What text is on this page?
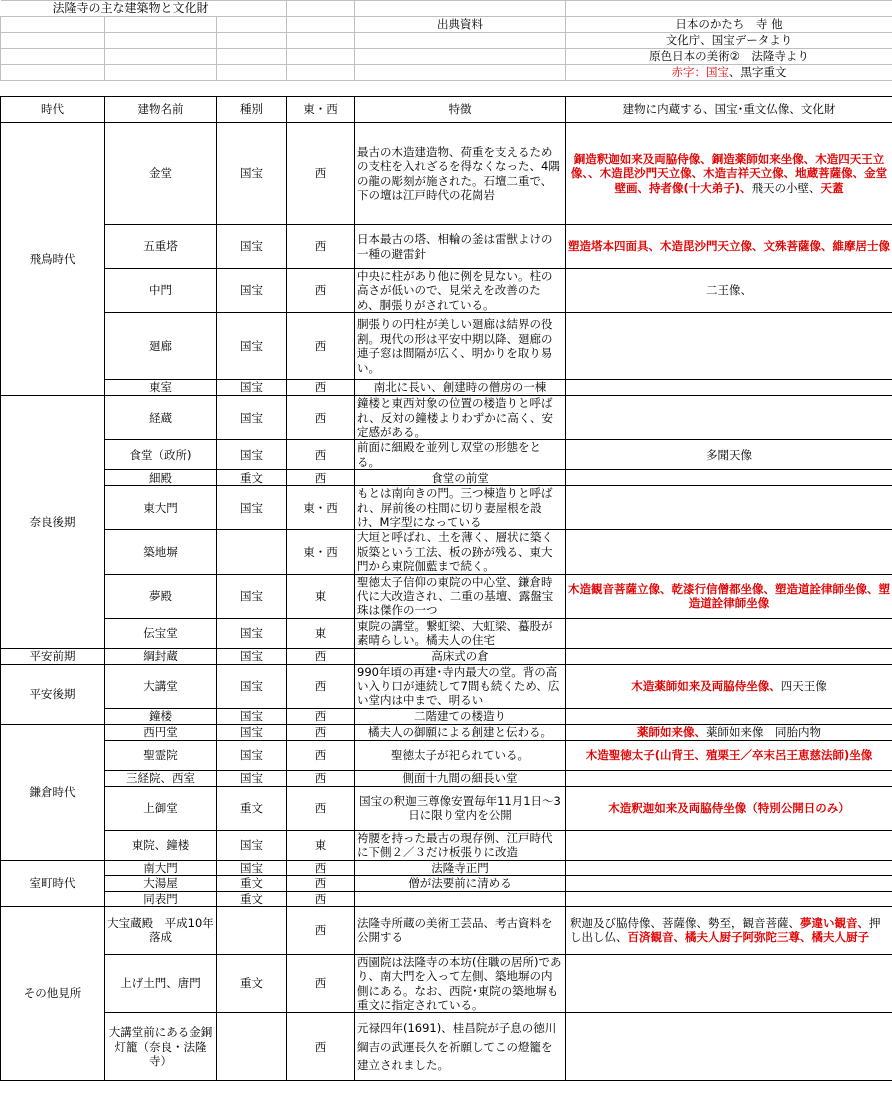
法隆寺の主な建築物と文化財					
				出典資料	日本のかたち　寺 他
					文化庁、国宝データより
					原色日本の美術②　法隆寺より
					赤字：国宝、黒字重文
時代	建物名前	種別	東・西	特徴	建物に内蔵する、国宝･重文仏像、文化財
飛鳥時代	金堂	国宝	西	最古の木造建造物、荷重を支えるための支柱を入れざるを得なくなった、4隅の龍の彫刻が施された。石壇二重で、下の壇は江戸時代の花崗岩	銅造釈迦如来及両脇侍像、銅造薬師如来坐像、木造四天王立像、、木造毘沙門天立像、木造吉祥天立像、地蔵菩薩像、金堂壁画、持者像(十大弟子)、飛天の小壁、天蓋
	五重塔	国宝	西	日本最古の塔、相輪の釜は雷獣よけの一種の避雷針	塑造塔本四面具、木造毘沙門天立像、文殊菩薩像、維摩居士像
	中門	国宝	西	中央に柱があり他に例を見ない。柱の高さが低いので、見栄えを改善のため、胴張りがされている。	二王像、
	廻廊	国宝	西	胴張りの円柱が美しい廻廊は結界の役割。現代の形は平安中期以降、廻廊の連子窓は間隔が広く、明かりを取り易い。	
	東室	国宝	西	南北に長い、創建時の僧房の一棟	
奈良後期	経蔵	国宝	西	鐘楼と東西対象の位置の楼造りと呼ばれ、反対の鐘楼よりわずかに高く、安定感がある。	
	食堂（政所)	国宝	西	前面に細殿を並列し双堂の形態をとる。	多聞天像
	細殿	重文	西	食堂の前堂	
	東大門	国宝	東・西	もとは南向きの門。三つ棟造りと呼ばれ、屏前後の柱間に切り妻屋根を設け、M字型になっている	
	築地塀		東・西	大垣と呼ばれ、土を薄く、層状に築く版築という工法、板の跡が残る、東大門から東院伽藍まで続く。	
	夢殿	国宝	東	聖徳太子信仰の東院の中心堂、鎌倉時代に大改造され、二重の基壇、露盤宝珠は傑作の一つ	木造観音菩薩立像、乾漆行信僧都坐像、塑造道詮律師坐像、塑造道詮律師坐像
	伝宝堂	国宝	東	東院の講堂。繋虹梁、大虹梁、蟇股が素晴らしい。橘夫人の住宅	
平安前期	綱封蔵	国宝	西	高床式の倉	
平安後期	大講堂	国宝	西	990年頃の再建･寺内最大の堂。背の高い入り口が連続して7間も続くため、広い堂内は中まで、明るい	木造薬師如来及両脇侍坐像、四天王像
	鐘楼	国宝	西	二階建ての楼造り	
鎌倉時代	西円堂	国宝	西	橘夫人の御願による創建と伝わる。	薬師如来像、薬師如来像　同胎内物
	聖霊院	国宝	西	聖徳太子が祀られている。	木造聖徳太子(山背王、殖栗王／卒末呂王恵慈法師)坐像
	三経院、西室	国宝	西	側面十九間の細長い堂	
	上御堂	重文	西	国宝の釈迦三尊像安置毎年11月1日～3日に限り堂内を公開	木造釈迦如来及両脇侍坐像（特別公開日のみ）
	東院、鐘楼	国宝	東	袴腰を持った最古の現存例、江戸時代に下側２／３だけ板張りに改造	
室町時代	南大門	国宝	西	法隆寺正門	
	大湯屋	重文	西	僧が法要前に清める	
	同表門	重文	西		
その他見所	大宝蔵殿　平成10年落成		西	法隆寺所蔵の美術工芸品、考古資料を公開する	釈迦及び脇侍像、菩薩像、勢至，観音菩薩、夢違い観音、押し出し仏、百済観音、橘夫人厨子阿弥陀三尊、橘夫人厨子
	上げ土門、唐門	重文	西	西園院は法隆寺の本坊(住職の居所)であり、南大門を入って左側、築地塀の内側にある。なお、西院･東院の築地塀も重文に指定されている。	
	大講堂前にある金銅灯籠（奈良・法隆寺）		西	元禄四年(1691)、桂昌院が子息の徳川綱吉の武運長久を祈願してこの燈籠を建立されました。	
